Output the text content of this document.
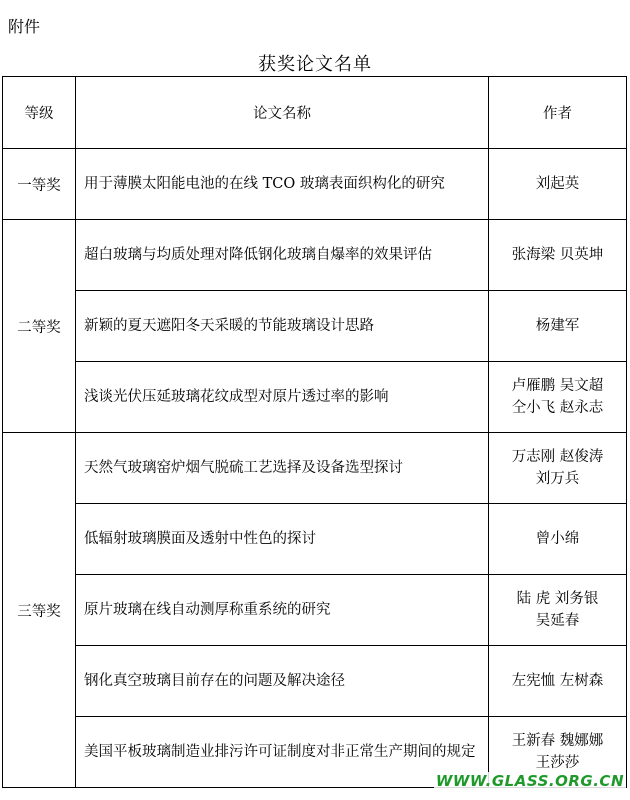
附件
获奖论文名单
等级	论文名称	作者
一等奖	用于薄膜太阳能电池的在线 TCO 玻璃表面织构化的研究	刘起英

二等奖	超白玻璃与均质处理对降低钢化玻璃自爆率的效果评估	张海梁 贝英坤

	新颖的夏天遮阳冬天采暖的节能玻璃设计思路	杨建军

	浅谈光伏压延玻璃花纹成型对原片透过率的影响	卢雁鹏 吴文超
仝小飞 赵永志

三等奖	天然气玻璃窑炉烟气脱硫工艺选择及设备选型探讨	万志刚 赵俊涛
刘万兵

	低辐射玻璃膜面及透射中性色的探讨	曾小绵

	原片玻璃在线自动测厚称重系统的研究	陆 虎 刘务银
吴延春

	钢化真空玻璃目前存在的问题及解决途径	左宪恤 左树森

	美国平板玻璃制造业排污许可证制度对非正常生产期间的规定	王新春 魏娜娜
王莎莎
WWW.GLASS.ORG.CN
